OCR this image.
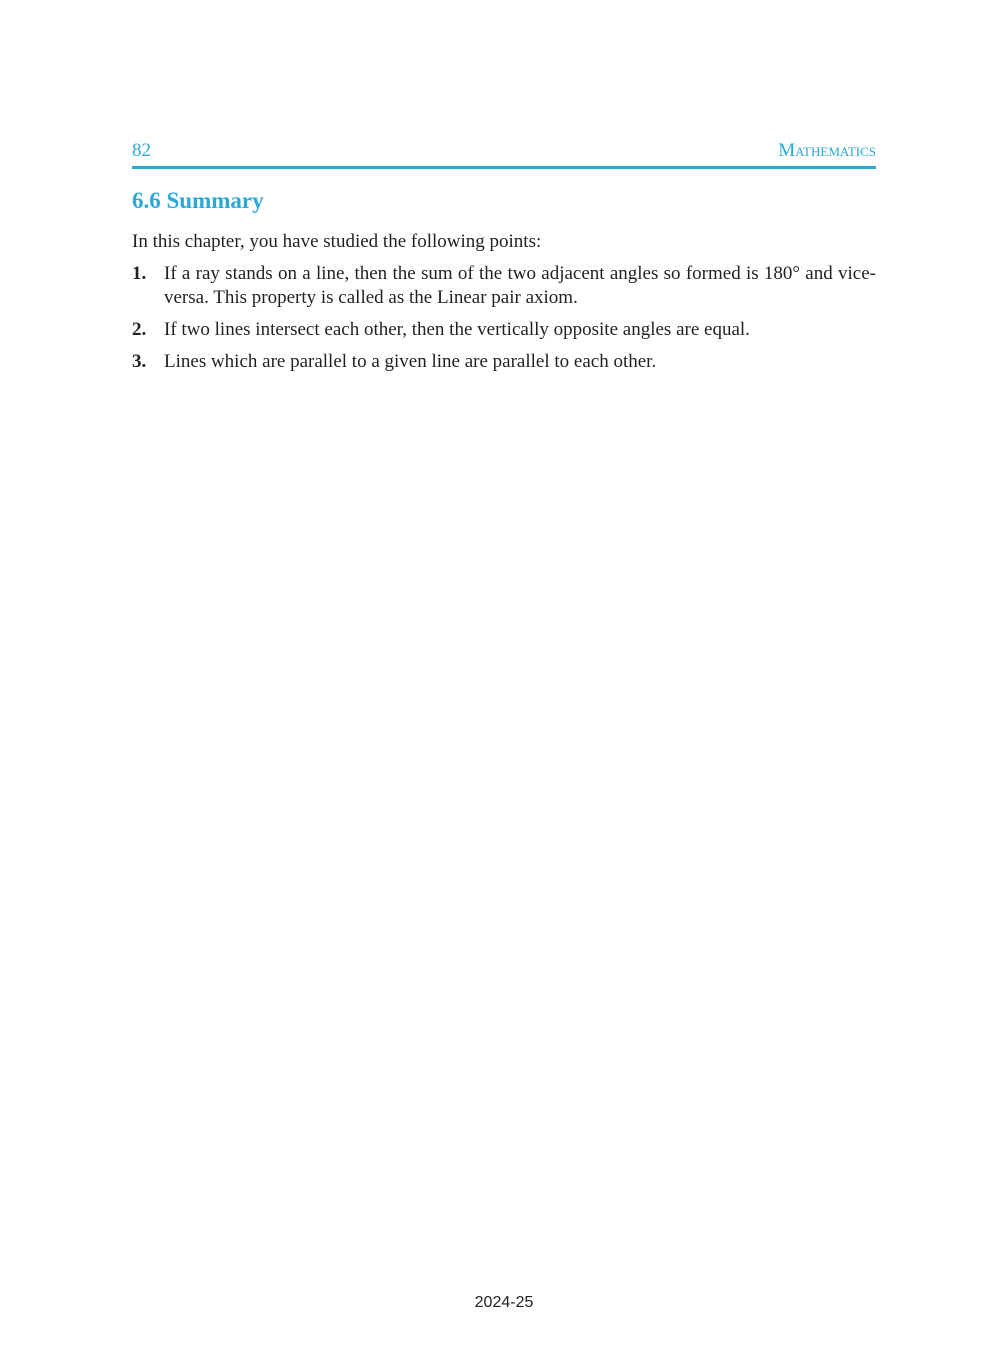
82	Mathematics
6.6 Summary

In this chapter, you have studied the following points:

1. If a ray stands on a line, then the sum of the two adjacent angles so formed is 180° and vice-versa. This property is called as the Linear pair axiom.
2. If two lines intersect each other, then the vertically opposite angles are equal.
3. Lines which are parallel to a given line are parallel to each other.
2024-25
